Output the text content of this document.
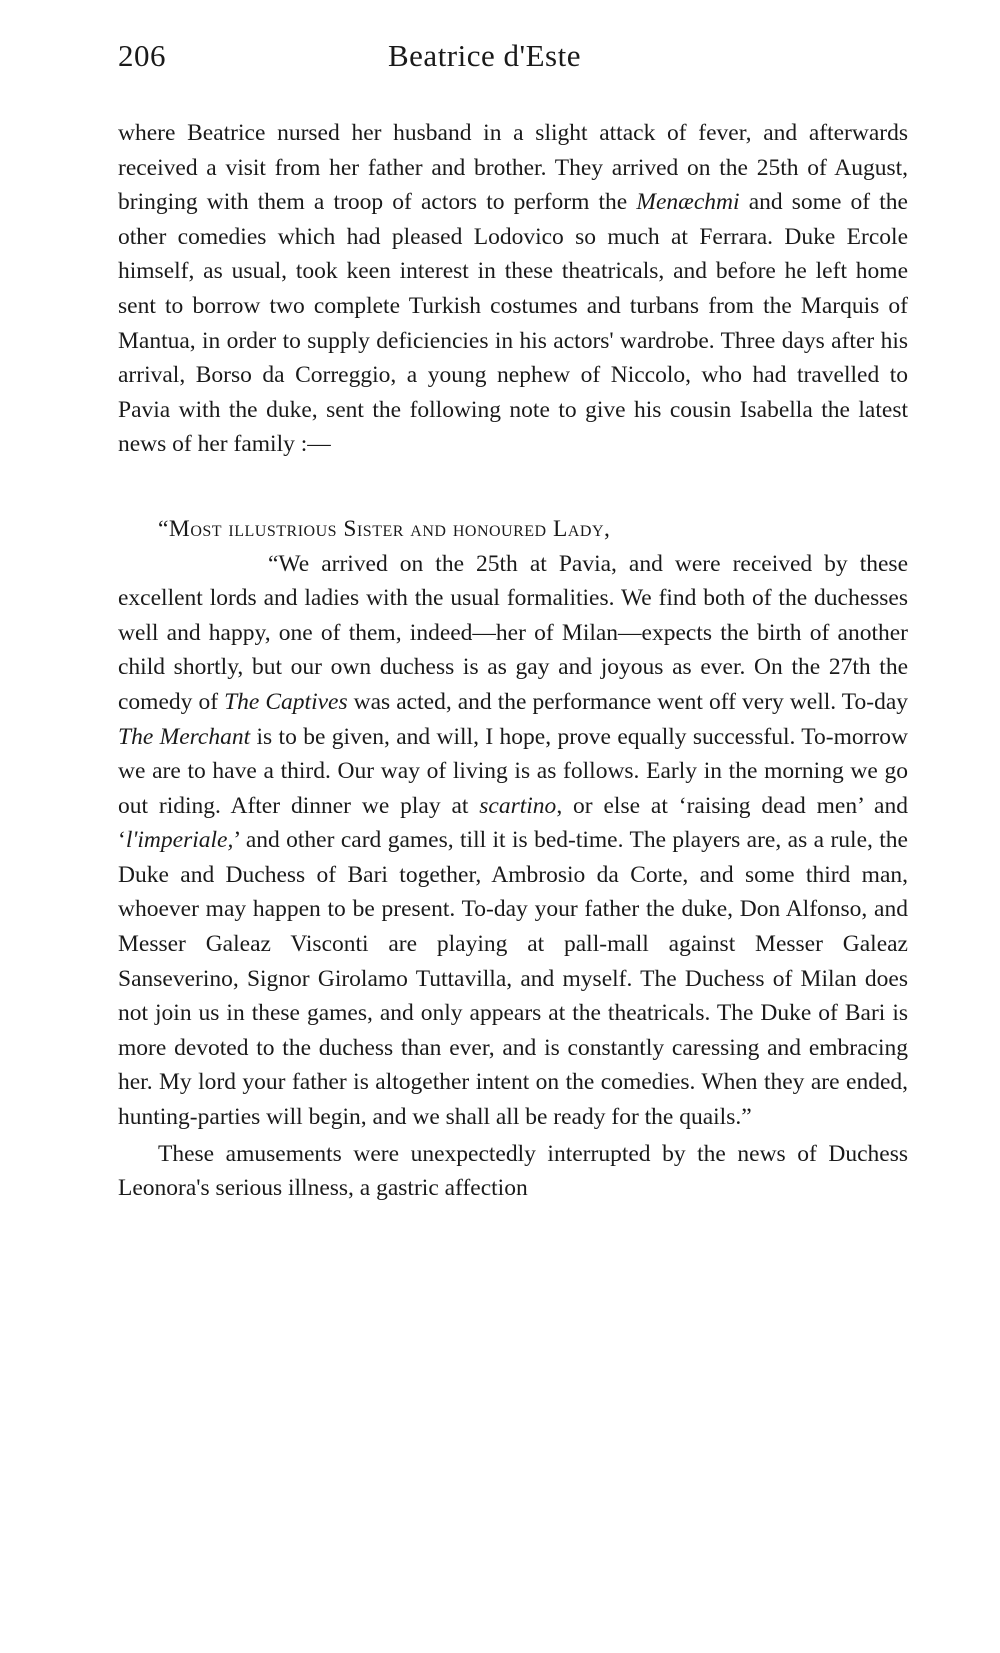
206	Beatrice d'Este

where Beatrice nursed her husband in a slight attack of fever, and afterwards received a visit from her father and brother. They arrived on the 25th of August, bringing with them a troop of actors to perform the Menæchmi and some of the other comedies which had pleased Lodovico so much at Ferrara. Duke Ercole himself, as usual, took keen interest in these theatricals, and before he left home sent to borrow two complete Turkish costumes and turbans from the Marquis of Mantua, in order to supply deficiencies in his actors' wardrobe. Three days after his arrival, Borso da Correggio, a young nephew of Niccolo, who had travelled to Pavia with the duke, sent the following note to give his cousin Isabella the latest news of her family :—

“Most illustrious Sister and honoured Lady,

“We arrived on the 25th at Pavia, and were received by these excellent lords and ladies with the usual formalities. We find both of the duchesses well and happy, one of them, indeed—her of Milan—expects the birth of another child shortly, but our own duchess is as gay and joyous as ever. On the 27th the comedy of The Captives was acted, and the performance went off very well. To-day The Merchant is to be given, and will, I hope, prove equally successful. To-morrow we are to have a third. Our way of living is as follows. Early in the morning we go out riding. After dinner we play at scartino, or else at ‘raising dead men’ and ‘l'imperiale,’ and other card games, till it is bed-time. The players are, as a rule, the Duke and Duchess of Bari together, Ambrosio da Corte, and some third man, whoever may happen to be present. To-day your father the duke, Don Alfonso, and Messer Galeaz Visconti are playing at pall-mall against Messer Galeaz Sanseverino, Signor Girolamo Tuttavilla, and myself. The Duchess of Milan does not join us in these games, and only appears at the theatricals. The Duke of Bari is more devoted to the duchess than ever, and is constantly caressing and embracing her. My lord your father is altogether intent on the comedies. When they are ended, hunting-parties will begin, and we shall all be ready for the quails.”

These amusements were unexpectedly interrupted by the news of Duchess Leonora's serious illness, a gastric affection
